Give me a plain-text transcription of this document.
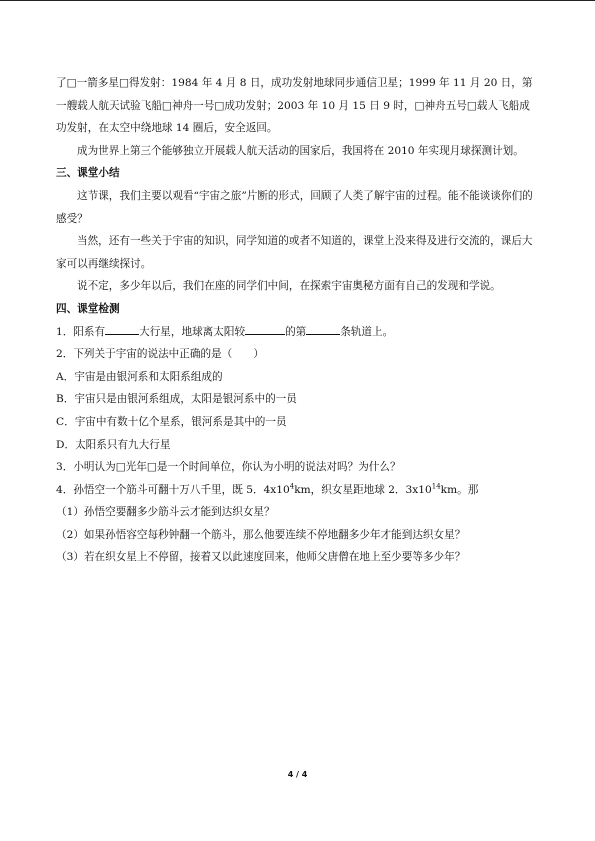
了□一箭多星□得发射：1984 年 4 月 8 日，成功发射地球同步通信卫星；1999 年 11 月 20 日，第一艘载人航天试验飞船□神舟一号□成功发射；2003 年 10 月 15 日 9 时，□神舟五号□载人飞船成功发射，在太空中绕地球 14 圈后，安全返回。

成为世界上第三个能够独立开展载人航天活动的国家后，我国将在 2010 年实现月球探测计划。

三、课堂小结

这节课，我们主要以观看“宇宙之旅”片断的形式，回顾了人类了解宇宙的过程。能不能谈谈你们的感受？

当然，还有一些关于宇宙的知识，同学知道的或者不知道的，课堂上没来得及进行交流的，课后大家可以再继续探讨。

说不定，多少年以后，我们在座的同学们中间，在探索宇宙奥秘方面有自己的发现和学说。

四、课堂检测

1．阳系有	大行星，地球离太阳较	的第	条轨道上。

2．下列关于宇宙的说法中正确的是（　　）

A．宇宙是由银河系和太阳系组成的

B．宇宙只是由银河系组成，太阳是银河系中的一员

C．宇宙中有数十亿个星系，银河系是其中的一员

D．太阳系只有九大行星

3．小明认为□光年□是一个时间单位，你认为小明的说法对吗？为什么？

4．孙悟空一个筋斗可翻十万八千里，既 5．$4x10^4km$，织女星距地球 2．$3x10^{14}km$。那

（1）孙悟空要翻多少筋斗云才能到达织女星？

（2）如果孙悟容空每秒钟翻一个筋斗，那么他要连续不停地翻多少年才能到达织女星？

（3）若在织女星上不停留，接着又以此速度回来，他师父唐僧在地上至少要等多少年？

4 / 4
